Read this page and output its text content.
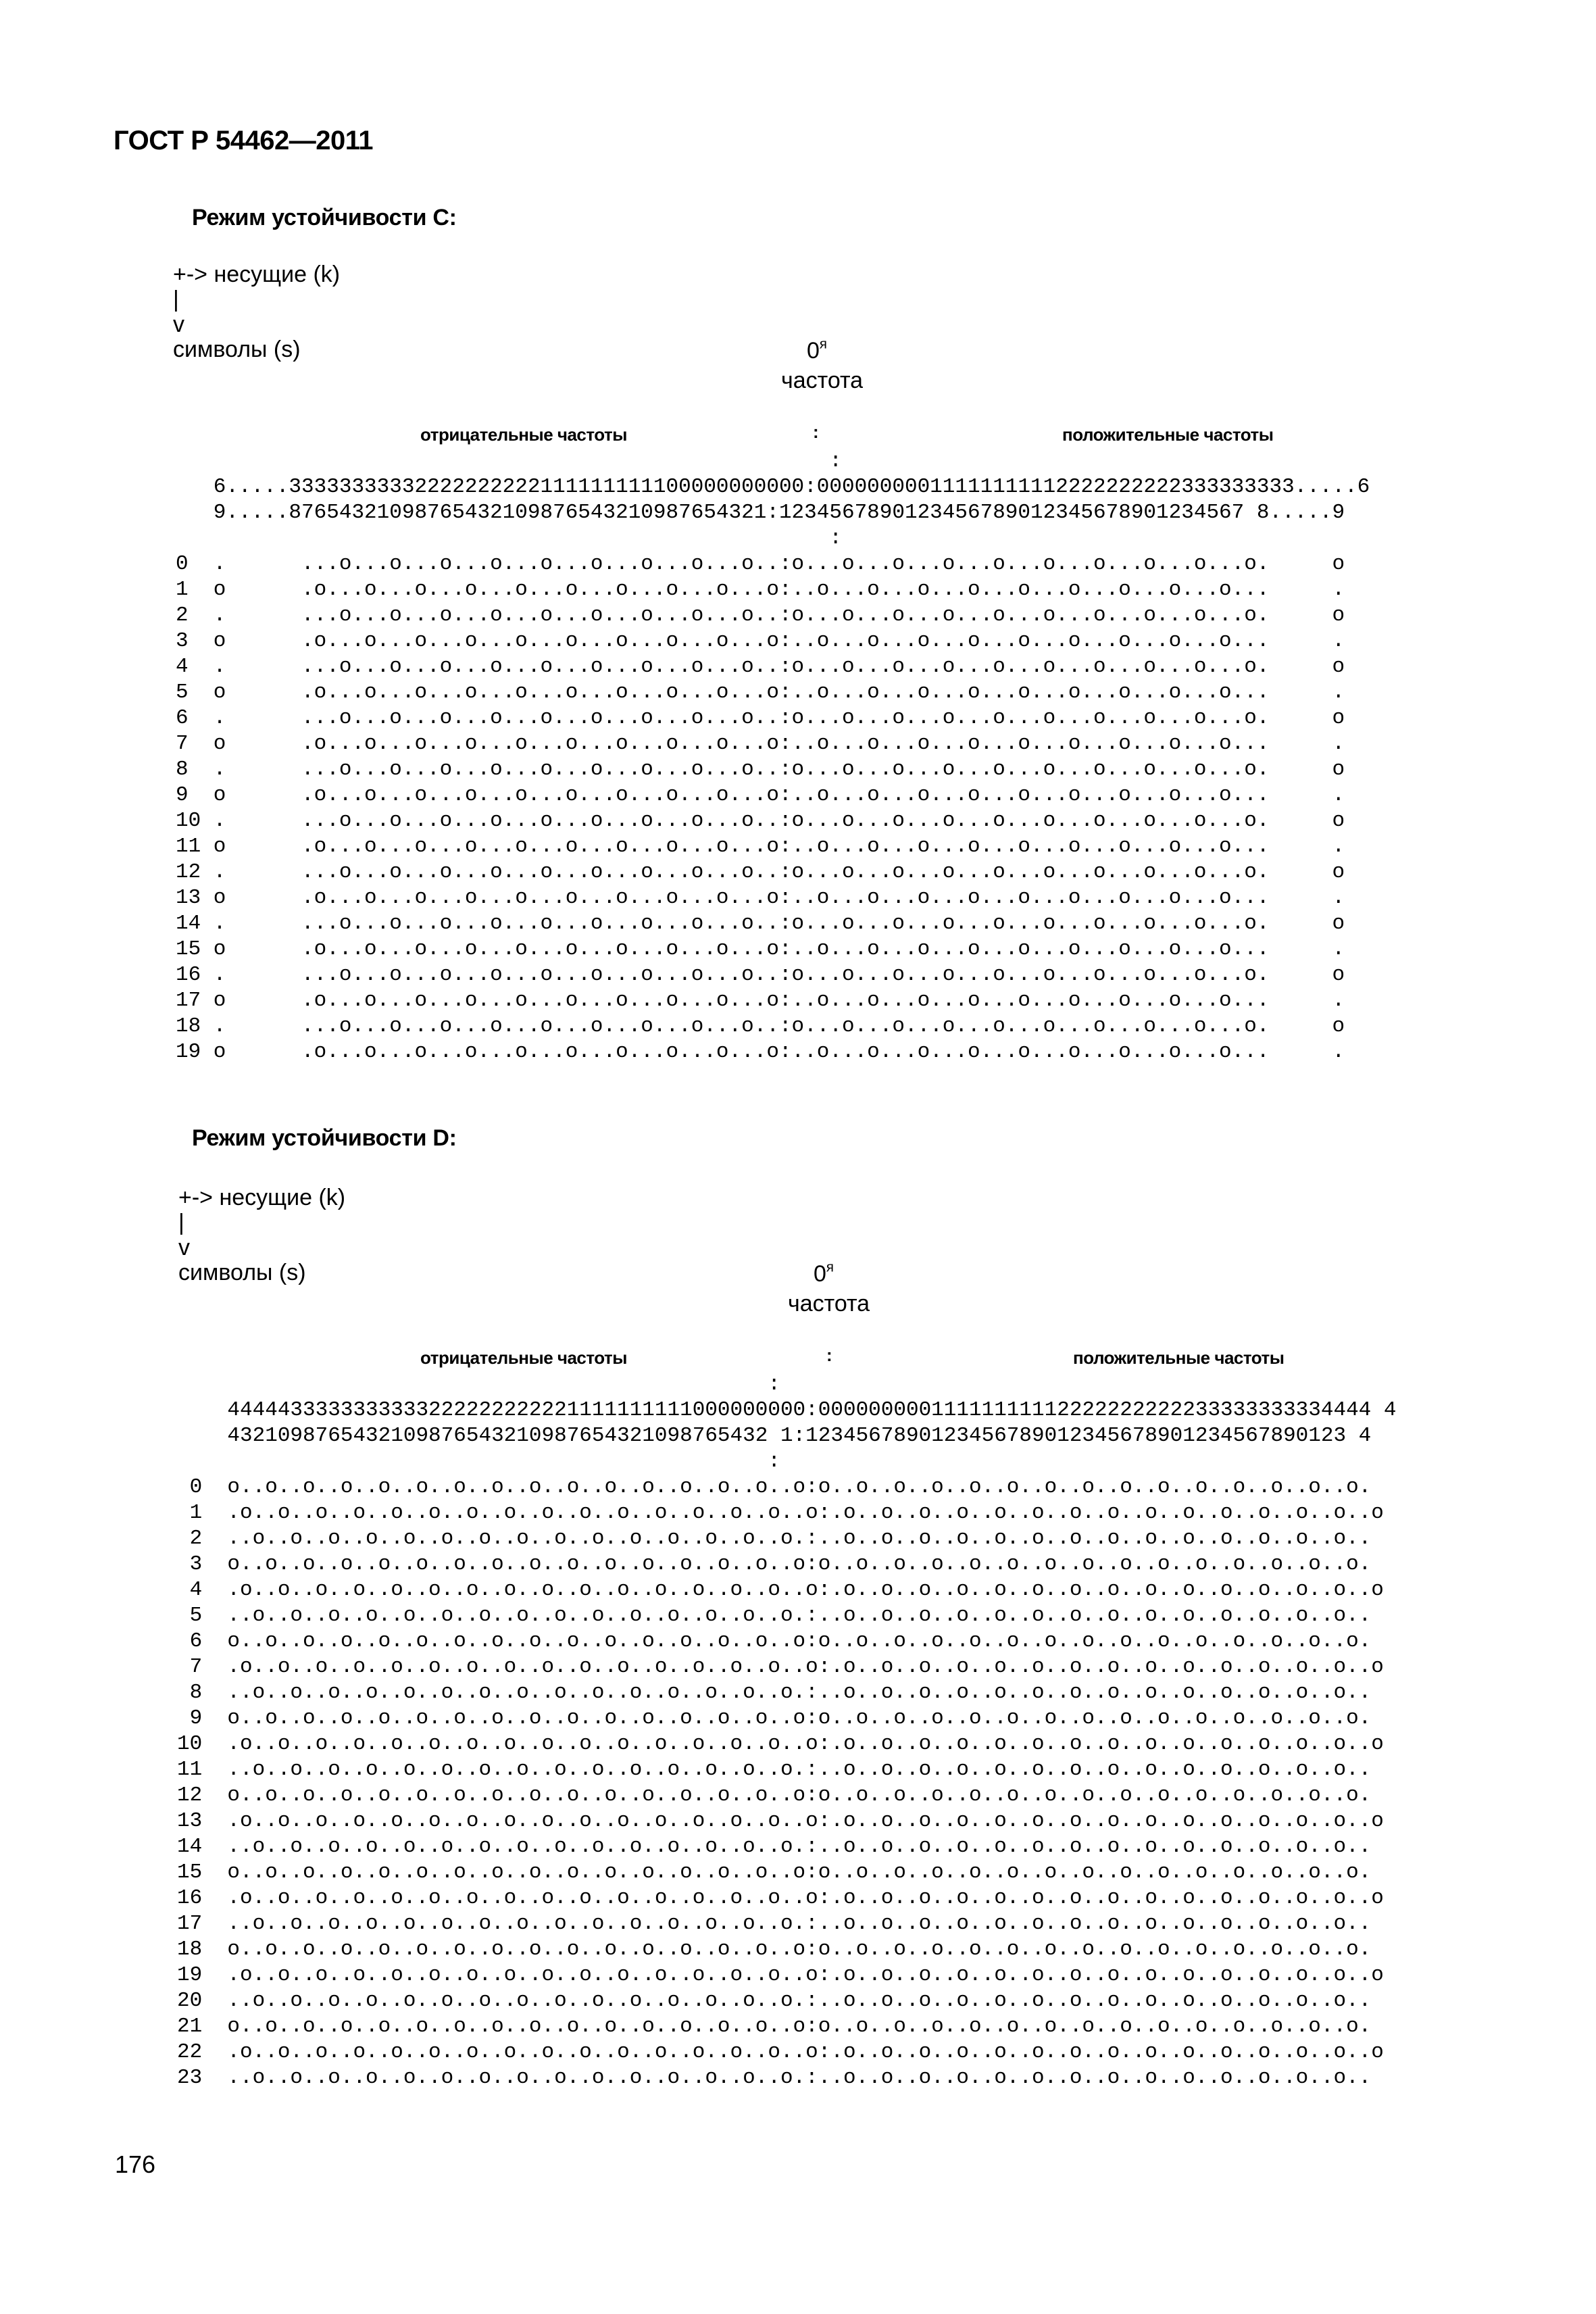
ГОСТ Р 54462—2011
Режим устойчивости C:
+-> несущие (k)
|
v
символы (s)	$0^я$
частота
отрицательные частоты	:	положительные частоты
:
6.....33333333332222222222111111111100000000000:00000000011111111112222222222333333333.....6
9.....87654321098765432109876543210987654321:1234567890123456789012345678901234567 8.....9
:
0  .      ...o...o...o...o...o...o...o...o...o..:o...o...o...o...o...o...o...o...o...o.     o
1  o      .o...o...o...o...o...o...o...o...o...o:..o...o...o...o...o...o...o...o...o...     .
2  .      ...o...o...o...o...o...o...o...o...o..:o...o...o...o...o...o...o...o...o...o.     o
3  o      .o...o...o...o...o...o...o...o...o...o:..o...o...o...o...o...o...o...o...o...     .
4  .      ...o...o...o...o...o...o...o...o...o..:o...o...o...o...o...o...o...o...o...o.     o
5  o      .o...o...o...o...o...o...o...o...o...o:..o...o...o...o...o...o...o...o...o...     .
6  .      ...o...o...o...o...o...o...o...o...o..:o...o...o...o...o...o...o...o...o...o.     o
7  o      .o...o...o...o...o...o...o...o...o...o:..o...o...o...o...o...o...o...o...o...     .
8  .      ...o...o...o...o...o...o...o...o...o..:o...o...o...o...o...o...o...o...o...o.     o
9  o      .o...o...o...o...o...o...o...o...o...o:..o...o...o...o...o...o...o...o...o...     .
10 .      ...o...o...o...o...o...o...o...o...o..:o...o...o...o...o...o...o...o...o...o.     o
11 o      .o...o...o...o...o...o...o...o...o...o:..o...o...o...o...o...o...o...o...o...     .
12 .      ...o...o...o...o...o...o...o...o...o..:o...o...o...o...o...o...o...o...o...o.     o
13 o      .o...o...o...o...o...o...o...o...o...o:..o...o...o...o...o...o...o...o...o...     .
14 .      ...o...o...o...o...o...o...o...o...o..:o...o...o...o...o...o...o...o...o...o.     o
15 o      .o...o...o...o...o...o...o...o...o...o:..o...o...o...o...o...o...o...o...o...     .
16 .      ...o...o...o...o...o...o...o...o...o..:o...o...o...o...o...o...o...o...o...o.     o
17 o      .o...o...o...o...o...o...o...o...o...o:..o...o...o...o...o...o...o...o...o...     .
18 .      ...o...o...o...o...o...o...o...o...o..:o...o...o...o...o...o...o...o...o...o.     o
19 o      .o...o...o...o...o...o...o...o...o...o:..o...o...o...o...o...o...o...o...o...     .
Режим устойчивости D:
+-> несущие (k)
|
v
символы (s)	$0^я$
частота
отрицательные частоты	:	положительные частоты
:
4444433333333333222222222221111111111000000000:00000000011111111112222222222233333333334444 4
4321098765432109876543210987654321098765432 1:1234567890123456789012345678901234567890123 4
:
0  o..o..o..o..o..o..o..o..o..o..o..o..o..o..o..o:o..o..o..o..o..o..o..o..o..o..o..o..o..o..o.
1  .o..o..o..o..o..o..o..o..o..o..o..o..o..o..o..o:.o..o..o..o..o..o..o..o..o..o..o..o..o..o..o
2  ..o..o..o..o..o..o..o..o..o..o..o..o..o..o..o.:..o..o..o..o..o..o..o..o..o..o..o..o..o..o..
3  o..o..o..o..o..o..o..o..o..o..o..o..o..o..o..o:o..o..o..o..o..o..o..o..o..o..o..o..o..o..o.
4  .o..o..o..o..o..o..o..o..o..o..o..o..o..o..o..o:.o..o..o..o..o..o..o..o..o..o..o..o..o..o..o
5  ..o..o..o..o..o..o..o..o..o..o..o..o..o..o..o.:..o..o..o..o..o..o..o..o..o..o..o..o..o..o..
6  o..o..o..o..o..o..o..o..o..o..o..o..o..o..o..o:o..o..o..o..o..o..o..o..o..o..o..o..o..o..o.
7  .o..o..o..o..o..o..o..o..o..o..o..o..o..o..o..o:.o..o..o..o..o..o..o..o..o..o..o..o..o..o..o
8  ..o..o..o..o..o..o..o..o..o..o..o..o..o..o..o.:..o..o..o..o..o..o..o..o..o..o..o..o..o..o..
9  o..o..o..o..o..o..o..o..o..o..o..o..o..o..o..o:o..o..o..o..o..o..o..o..o..o..o..o..o..o..o.
10  .o..o..o..o..o..o..o..o..o..o..o..o..o..o..o..o:.o..o..o..o..o..o..o..o..o..o..o..o..o..o..o
11  ..o..o..o..o..o..o..o..o..o..o..o..o..o..o..o.:..o..o..o..o..o..o..o..o..o..o..o..o..o..o..
12  o..o..o..o..o..o..o..o..o..o..o..o..o..o..o..o:o..o..o..o..o..o..o..o..o..o..o..o..o..o..o.
13  .o..o..o..o..o..o..o..o..o..o..o..o..o..o..o..o:.o..o..o..o..o..o..o..o..o..o..o..o..o..o..o
14  ..o..o..o..o..o..o..o..o..o..o..o..o..o..o..o.:..o..o..o..o..o..o..o..o..o..o..o..o..o..o..
15  o..o..o..o..o..o..o..o..o..o..o..o..o..o..o..o:o..o..o..o..o..o..o..o..o..o..o..o..o..o..o.
16  .o..o..o..o..o..o..o..o..o..o..o..o..o..o..o..o:.o..o..o..o..o..o..o..o..o..o..o..o..o..o..o
17  ..o..o..o..o..o..o..o..o..o..o..o..o..o..o..o.:..o..o..o..o..o..o..o..o..o..o..o..o..o..o..
18  o..o..o..o..o..o..o..o..o..o..o..o..o..o..o..o:o..o..o..o..o..o..o..o..o..o..o..o..o..o..o.
19  .o..o..o..o..o..o..o..o..o..o..o..o..o..o..o..o:.o..o..o..o..o..o..o..o..o..o..o..o..o..o..o
20  ..o..o..o..o..o..o..o..o..o..o..o..o..o..o..o.:..o..o..o..o..o..o..o..o..o..o..o..o..o..o..
21  o..o..o..o..o..o..o..o..o..o..o..o..o..o..o..o:o..o..o..o..o..o..o..o..o..o..o..o..o..o..o.
22  .o..o..o..o..o..o..o..o..o..o..o..o..o..o..o..o:.o..o..o..o..o..o..o..o..o..o..o..o..o..o..o
23  ..o..o..o..o..o..o..o..o..o..o..o..o..o..o..o.:..o..o..o..o..o..o..o..o..o..o..o..o..o..o..
176
